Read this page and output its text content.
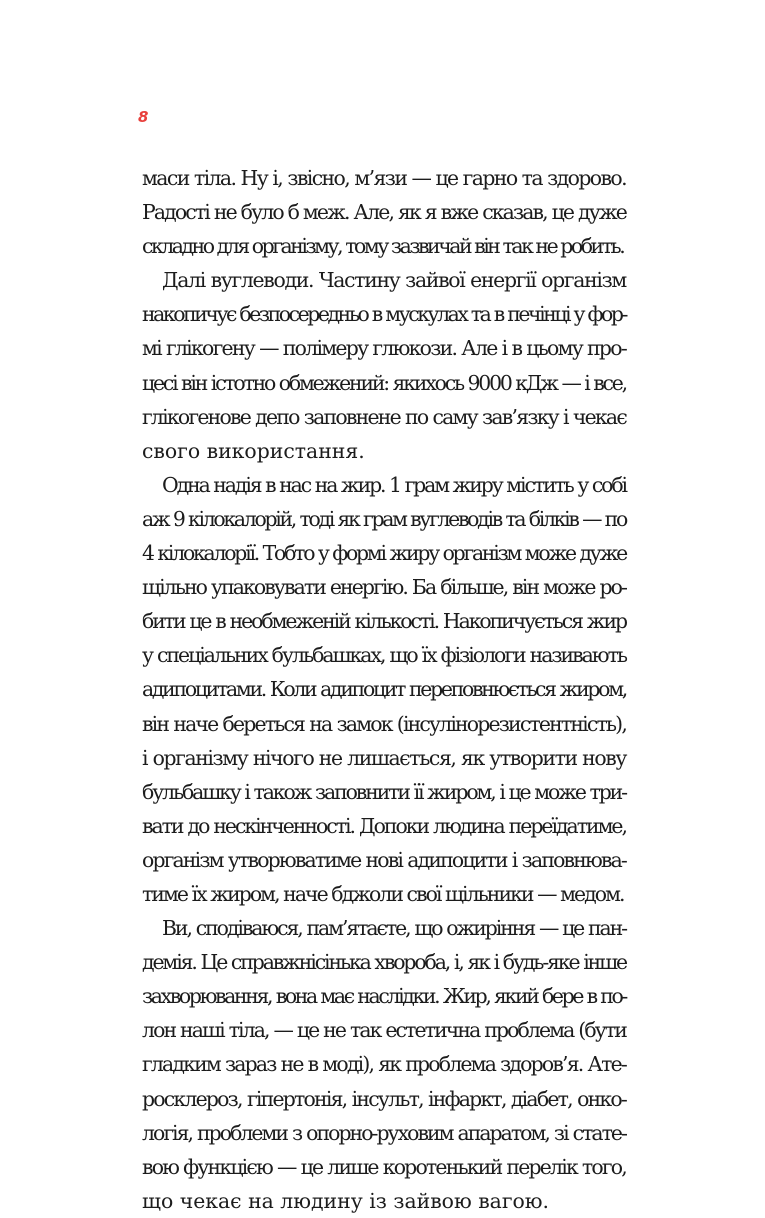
8
маси тіла. Ну і, звісно, м’язи — це гарно та здорово.
Радості не було б меж. Але, як я вже сказав, це дуже
складно для організму, тому зазвичай він так не робить.
Далі вуглеводи. Частину зайвої енергії організм
накопичує безпосередньо в мускулах та в печінці у фор-
мі глікогену — полімеру глюкози. Але і в цьому про-
цесі він істотно обмежений: якихось 9000 кДж — і все,
глікогенове депо заповнене по саму зав’язку і чекає
свого використання.
Одна надія в нас на жир. 1 грам жиру містить у собі
аж 9 кілокалорій, тоді як грам вуглеводів та білків — по
4 кілокалорії. Тобто у формі жиру організм може дуже
щільно упаковувати енергію. Ба більше, він може ро-
бити це в необмеженій кількості. Накопичується жир
у спеціальних бульбашках, що їх фізіологи називають
адипоцитами. Коли адипоцит переповнюється жиром,
він наче береться на замок (інсулінорезистентність),
і організму нічого не лишається, як утворити нову
бульбашку і також заповнити її жиром, і це може три-
вати до нескінченності. Допоки людина переїдатиме,
організм утворюватиме нові адипоцити і заповнюва-
тиме їх жиром, наче бджоли свої щільники — медом.
Ви, сподіваюся, пам’ятаєте, що ожиріння — це пан-
демія. Це справжнісінька хвороба, і, як і будь-яке інше
захворювання, вона має наслідки. Жир, який бере в по-
лон наші тіла, — це не так естетична проблема (бути
гладким зараз не в моді), як проблема здоров’я. Ате-
росклероз, гіпертонія, інсульт, інфаркт, діабет, онко-
логія, проблеми з опорно-руховим апаратом, зі стате-
вою функцією — це лише коротенький перелік того,
що чекає на людину із зайвою вагою.
